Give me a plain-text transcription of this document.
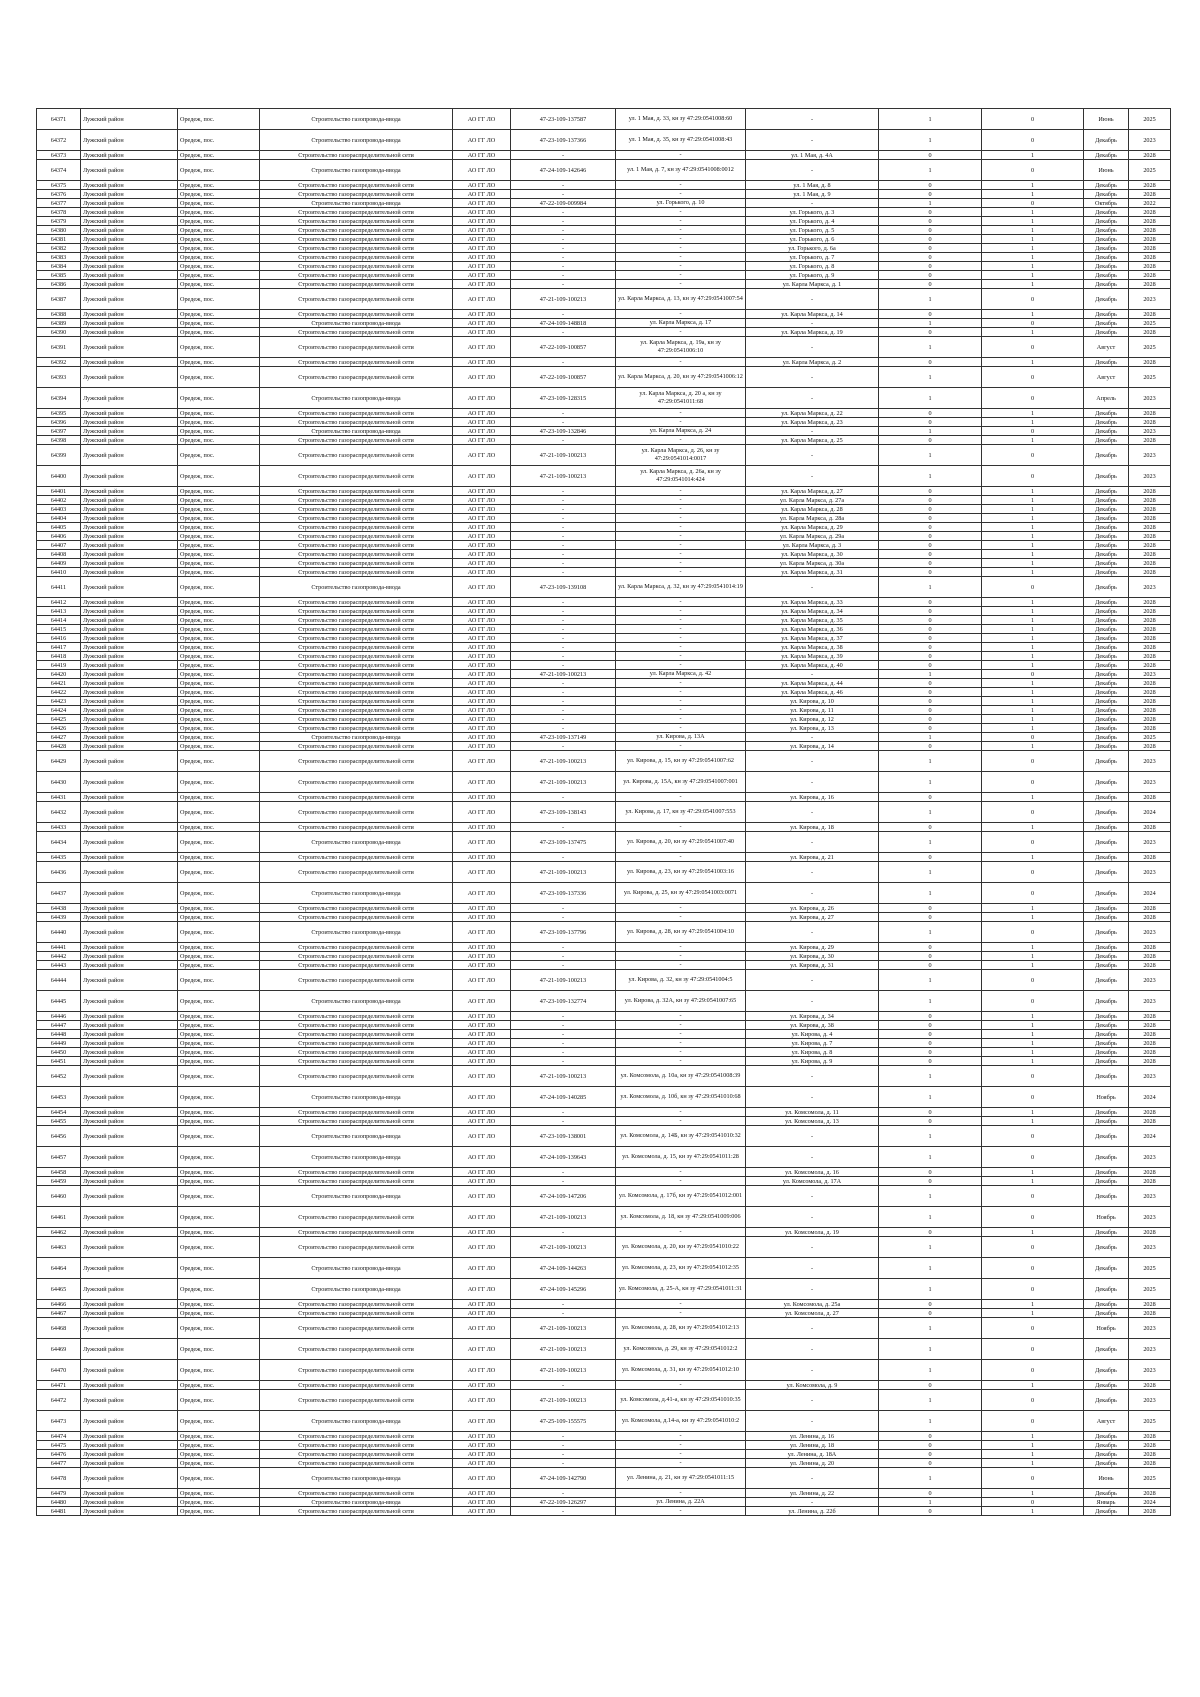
64371	Лужский район	Оредеж, пос.	Строительство газопровода-ввода	АО ГГ ЛО	47-23-109-137587	ул. 1 Мая, д. 33, кн зу 47:29:0541008:60	-	1	0	Июнь	2025
64372	Лужский район	Оредеж, пос.	Строительство газопровода-ввода	АО ГГ ЛО	47-23-109-137366	ул. 1 Мая, д. 35, кн зу 47:29:0541008:43	-	1	0	Декабрь	2023
64373	Лужский район	Оредеж, пос.	Строительство газораспределительной сети	АО ГГ ЛО	-	-	ул. 1 Мая, д. 4А	0	1	Декабрь	2028
64374	Лужский район	Оредеж, пос.	Строительство газопровода-ввода	АО ГГ ЛО	47-24-109-142646	ул. 1 Мая, д. 7, кн зу 47:29:0541008:0012	-	1	0	Июнь	2025
64375	Лужский район	Оредеж, пос.	Строительство газораспределительной сети	АО ГГ ЛО	-	-	ул. 1 Мая, д. 8	0	1	Декабрь	2028
64376	Лужский район	Оредеж, пос.	Строительство газораспределительной сети	АО ГГ ЛО	-	-	ул. 1 Мая, д. 9	0	1	Декабрь	2028
64377	Лужский район	Оредеж, пос.	Строительство газопровода-ввода	АО ГГ ЛО	47-22-109-009984	ул. Горького, д. 10	-	1	0	Октябрь	2022
64378	Лужский район	Оредеж, пос.	Строительство газораспределительной сети	АО ГГ ЛО	-	-	ул. Горького, д. 3	0	1	Декабрь	2028
64379	Лужский район	Оредеж, пос.	Строительство газораспределительной сети	АО ГГ ЛО	-	-	ул. Горького, д. 4	0	1	Декабрь	2028
64380	Лужский район	Оредеж, пос.	Строительство газораспределительной сети	АО ГГ ЛО	-	-	ул. Горького, д. 5	0	1	Декабрь	2028
64381	Лужский район	Оредеж, пос.	Строительство газораспределительной сети	АО ГГ ЛО	-	-	ул. Горького, д. 6	0	1	Декабрь	2028
64382	Лужский район	Оредеж, пос.	Строительство газораспределительной сети	АО ГГ ЛО	-	-	ул. Горького, д. 6а	0	1	Декабрь	2028
64383	Лужский район	Оредеж, пос.	Строительство газораспределительной сети	АО ГГ ЛО	-	-	ул. Горького, д. 7	0	1	Декабрь	2028
64384	Лужский район	Оредеж, пос.	Строительство газораспределительной сети	АО ГГ ЛО	-	-	ул. Горького, д. 8	0	1	Декабрь	2028
64385	Лужский район	Оредеж, пос.	Строительство газораспределительной сети	АО ГГ ЛО	-	-	ул. Горького, д. 9	0	1	Декабрь	2028
64386	Лужский район	Оредеж, пос.	Строительство газораспределительной сети	АО ГГ ЛО	-	-	ул. Карла Маркса, д. 1	0	1	Декабрь	2028
64387	Лужский район	Оредеж, пос.	Строительство газораспределительной сети	АО ГГ ЛО	47-21-109-100213	ул. Карла Маркса, д. 13, кн зу 47:29:0541007:54	-	1	0	Декабрь	2023
64388	Лужский район	Оредеж, пос.	Строительство газораспределительной сети	АО ГГ ЛО	-	-	ул. Карла Маркса, д. 14	0	1	Декабрь	2028
64389	Лужский район	Оредеж, пос.	Строительство газопровода-ввода	АО ГГ ЛО	47-24-109-148818	ул. Карла Маркса, д. 17	-	1	0	Декабрь	2025
64390	Лужский район	Оредеж, пос.	Строительство газораспределительной сети	АО ГГ ЛО	-	-	ул. Карла Маркса, д. 19	0	1	Декабрь	2028
64391	Лужский район	Оредеж, пос.	Строительство газораспределительной сети	АО ГГ ЛО	47-22-109-100857	ул. Карла Маркса, д. 19а, кн зу 47:29:0541006:10	-	1	0	Август	2025
64392	Лужский район	Оредеж, пос.	Строительство газораспределительной сети	АО ГГ ЛО	-	-	ул. Карла Маркса, д. 2	0	1	Декабрь	2028
64393	Лужский район	Оредеж, пос.	Строительство газораспределительной сети	АО ГГ ЛО	47-22-109-100857	ул. Карла Маркса, д. 20, кн зу 47:29:0541006:12	-	1	0	Август	2025
64394	Лужский район	Оредеж, пос.	Строительство газопровода-ввода	АО ГГ ЛО	47-23-109-128315	ул. Карла Маркса, д. 20 а, кн зу 47:29:0541011:68	-	1	0	Апрель	2023
64395	Лужский район	Оредеж, пос.	Строительство газораспределительной сети	АО ГГ ЛО	-	-	ул. Карла Маркса, д. 22	0	1	Декабрь	2028
64396	Лужский район	Оредеж, пос.	Строительство газораспределительной сети	АО ГГ ЛО	-	-	ул. Карла Маркса, д. 23	0	1	Декабрь	2028
64397	Лужский район	Оредеж, пос.	Строительство газопровода-ввода	АО ГГ ЛО	47-23-109-132846	ул. Карла Маркса, д. 24	-	1	0	Декабрь	2023
64398	Лужский район	Оредеж, пос.	Строительство газораспределительной сети	АО ГГ ЛО	-	-	ул. Карла Маркса, д. 25	0	1	Декабрь	2028
64399	Лужский район	Оредеж, пос.	Строительство газораспределительной сети	АО ГГ ЛО	47-21-109-100213	ул. Карла Маркса, д. 26, кн зу 47:29:0541014:0017	-	1	0	Декабрь	2023
64400	Лужский район	Оредеж, пос.	Строительство газораспределительной сети	АО ГГ ЛО	47-21-109-100213	ул. Карла Маркса, д. 26а, кн зу 47:29:0541014:424	-	1	0	Декабрь	2023
64401	Лужский район	Оредеж, пос.	Строительство газораспределительной сети	АО ГГ ЛО	-	-	ул. Карла Маркса, д. 27	0	1	Декабрь	2028
64402	Лужский район	Оредеж, пос.	Строительство газораспределительной сети	АО ГГ ЛО	-	-	ул. Карла Маркса, д. 27а	0	1	Декабрь	2028
64403	Лужский район	Оредеж, пос.	Строительство газораспределительной сети	АО ГГ ЛО	-	-	ул. Карла Маркса, д. 28	0	1	Декабрь	2028
64404	Лужский район	Оредеж, пос.	Строительство газораспределительной сети	АО ГГ ЛО	-	-	ул. Карла Маркса, д. 28а	0	1	Декабрь	2028
64405	Лужский район	Оредеж, пос.	Строительство газораспределительной сети	АО ГГ ЛО	-	-	ул. Карла Маркса, д. 29	0	1	Декабрь	2028
64406	Лужский район	Оредеж, пос.	Строительство газораспределительной сети	АО ГГ ЛО	-	-	ул. Карла Маркса, д. 29а	0	1	Декабрь	2028
64407	Лужский район	Оредеж, пос.	Строительство газораспределительной сети	АО ГГ ЛО	-	-	ул. Карла Маркса, д. 3	0	1	Декабрь	2028
64408	Лужский район	Оредеж, пос.	Строительство газораспределительной сети	АО ГГ ЛО	-	-	ул. Карла Маркса, д. 30	0	1	Декабрь	2028
64409	Лужский район	Оредеж, пос.	Строительство газораспределительной сети	АО ГГ ЛО	-	-	ул. Карла Маркса, д. 30а	0	1	Декабрь	2028
64410	Лужский район	Оредеж, пос.	Строительство газораспределительной сети	АО ГГ ЛО	-	-	ул. Карла Маркса, д. 31	0	1	Декабрь	2028
64411	Лужский район	Оредеж, пос.	Строительство газопровода-ввода	АО ГГ ЛО	47-23-109-139108	ул. Карла Маркса, д. 32, кн зу 47:29:0541014:19	-	1	0	Декабрь	2023
64412	Лужский район	Оредеж, пос.	Строительство газораспределительной сети	АО ГГ ЛО	-	-	ул. Карла Маркса, д. 33	0	1	Декабрь	2028
64413	Лужский район	Оредеж, пос.	Строительство газораспределительной сети	АО ГГ ЛО	-	-	ул. Карла Маркса, д. 34	0	1	Декабрь	2028
64414	Лужский район	Оредеж, пос.	Строительство газораспределительной сети	АО ГГ ЛО	-	-	ул. Карла Маркса, д. 35	0	1	Декабрь	2028
64415	Лужский район	Оредеж, пос.	Строительство газораспределительной сети	АО ГГ ЛО	-	-	ул. Карла Маркса, д. 36	0	1	Декабрь	2028
64416	Лужский район	Оредеж, пос.	Строительство газораспределительной сети	АО ГГ ЛО	-	-	ул. Карла Маркса, д. 37	0	1	Декабрь	2028
64417	Лужский район	Оредеж, пос.	Строительство газораспределительной сети	АО ГГ ЛО	-	-	ул. Карла Маркса, д. 38	0	1	Декабрь	2028
64418	Лужский район	Оредеж, пос.	Строительство газораспределительной сети	АО ГГ ЛО	-	-	ул. Карла Маркса, д. 39	0	1	Декабрь	2028
64419	Лужский район	Оредеж, пос.	Строительство газораспределительной сети	АО ГГ ЛО	-	-	ул. Карла Маркса, д. 40	0	1	Декабрь	2028
64420	Лужский район	Оредеж, пос.	Строительство газораспределительной сети	АО ГГ ЛО	47-21-109-100213	ул. Карла Маркса, д. 42	-	1	0	Декабрь	2023
64421	Лужский район	Оредеж, пос.	Строительство газораспределительной сети	АО ГГ ЛО	-	-	ул. Карла Маркса, д. 44	0	1	Декабрь	2028
64422	Лужский район	Оредеж, пос.	Строительство газораспределительной сети	АО ГГ ЛО	-	-	ул. Карла Маркса, д. 46	0	1	Декабрь	2028
64423	Лужский район	Оредеж, пос.	Строительство газораспределительной сети	АО ГГ ЛО	-	-	ул. Кирова, д. 10	0	1	Декабрь	2028
64424	Лужский район	Оредеж, пос.	Строительство газораспределительной сети	АО ГГ ЛО	-	-	ул. Кирова, д. 11	0	1	Декабрь	2028
64425	Лужский район	Оредеж, пос.	Строительство газораспределительной сети	АО ГГ ЛО	-	-	ул. Кирова, д. 12	0	1	Декабрь	2028
64426	Лужский район	Оредеж, пос.	Строительство газораспределительной сети	АО ГГ ЛО	-	-	ул. Кирова, д. 13	0	1	Декабрь	2028
64427	Лужский район	Оредеж, пос.	Строительство газопровода-ввода	АО ГГ ЛО	47-23-109-137149	ул. Кирова, д. 13А	-	1	0	Декабрь	2025
64428	Лужский район	Оредеж, пос.	Строительство газораспределительной сети	АО ГГ ЛО	-	-	ул. Кирова, д. 14	0	1	Декабрь	2028
64429	Лужский район	Оредеж, пос.	Строительство газораспределительной сети	АО ГГ ЛО	47-21-109-100213	ул. Кирова, д. 15, кн зу 47:29:0541007:62	-	1	0	Декабрь	2023
64430	Лужский район	Оредеж, пос.	Строительство газораспределительной сети	АО ГГ ЛО	47-21-109-100213	ул. Кирова, д. 15А, кн зу 47:29:0541007:001	-	1	0	Декабрь	2023
64431	Лужский район	Оредеж, пос.	Строительство газораспределительной сети	АО ГГ ЛО	-	-	ул. Кирова, д. 16	0	1	Декабрь	2028
64432	Лужский район	Оредеж, пос.	Строительство газораспределительной сети	АО ГГ ЛО	47-23-109-138143	ул. Кирова, д. 17, кн зу 47:29:0541007:553	-	1	0	Декабрь	2024
64433	Лужский район	Оредеж, пос.	Строительство газораспределительной сети	АО ГГ ЛО	-	-	ул. Кирова, д. 18	0	1	Декабрь	2028
64434	Лужский район	Оредеж, пос.	Строительство газопровода-ввода	АО ГГ ЛО	47-23-109-137475	ул. Кирова, д. 20, кн зу 47:29:0541007:40	-	1	0	Декабрь	2023
64435	Лужский район	Оредеж, пос.	Строительство газораспределительной сети	АО ГГ ЛО	-	-	ул. Кирова, д. 21	0	1	Декабрь	2028
64436	Лужский район	Оредеж, пос.	Строительство газораспределительной сети	АО ГГ ЛО	47-21-109-100213	ул. Кирова, д. 23, кн зу 47:29:0541003:16	-	1	0	Декабрь	2023
64437	Лужский район	Оредеж, пос.	Строительство газопровода-ввода	АО ГГ ЛО	47-23-109-137336	ул. Кирова, д. 25, кн зу 47:29:0541003:0071	-	1	0	Декабрь	2024
64438	Лужский район	Оредеж, пос.	Строительство газораспределительной сети	АО ГГ ЛО	-	-	ул. Кирова, д. 26	0	1	Декабрь	2028
64439	Лужский район	Оредеж, пос.	Строительство газораспределительной сети	АО ГГ ЛО	-	-	ул. Кирова, д. 27	0	1	Декабрь	2028
64440	Лужский район	Оредеж, пос.	Строительство газопровода-ввода	АО ГГ ЛО	47-23-109-137796	ул. Кирова, д. 28, кн зу 47:29:0541004:10	-	1	0	Декабрь	2023
64441	Лужский район	Оредеж, пос.	Строительство газораспределительной сети	АО ГГ ЛО	-	-	ул. Кирова, д. 29	0	1	Декабрь	2028
64442	Лужский район	Оредеж, пос.	Строительство газораспределительной сети	АО ГГ ЛО	-	-	ул. Кирова, д. 30	0	1	Декабрь	2028
64443	Лужский район	Оредеж, пос.	Строительство газораспределительной сети	АО ГГ ЛО	-	-	ул. Кирова, д. 31	0	1	Декабрь	2028
64444	Лужский район	Оредеж, пос.	Строительство газораспределительной сети	АО ГГ ЛО	47-21-109-100213	ул. Кирова, д. 32, кн зу 47:29:0541004:5	-	1	0	Декабрь	2023
64445	Лужский район	Оредеж, пос.	Строительство газопровода-ввода	АО ГГ ЛО	47-23-109-132774	ул. Кирова, д. 32А, кн зу 47:29:0541007:65	-	1	0	Декабрь	2023
64446	Лужский район	Оредеж, пос.	Строительство газораспределительной сети	АО ГГ ЛО	-	-	ул. Кирова, д. 34	0	1	Декабрь	2028
64447	Лужский район	Оредеж, пос.	Строительство газораспределительной сети	АО ГГ ЛО	-	-	ул. Кирова, д. 38	0	1	Декабрь	2028
64448	Лужский район	Оредеж, пос.	Строительство газораспределительной сети	АО ГГ ЛО	-	-	ул. Кирова, д. 4	0	1	Декабрь	2028
64449	Лужский район	Оредеж, пос.	Строительство газораспределительной сети	АО ГГ ЛО	-	-	ул. Кирова, д. 7	0	1	Декабрь	2028
64450	Лужский район	Оредеж, пос.	Строительство газораспределительной сети	АО ГГ ЛО	-	-	ул. Кирова, д. 8	0	1	Декабрь	2028
64451	Лужский район	Оредеж, пос.	Строительство газораспределительной сети	АО ГГ ЛО	-	-	ул. Кирова, д. 9	0	1	Декабрь	2028
64452	Лужский район	Оредеж, пос.	Строительство газораспределительной сети	АО ГГ ЛО	47-21-109-100213	ул. Комсомола, д. 10а, кн зу 47:29:0541008:39	-	1	0	Декабрь	2023
64453	Лужский район	Оредеж, пос.	Строительство газопровода-ввода	АО ГГ ЛО	47-24-109-140285	ул. Комсомола, д. 10б, кн зу 47:29:0541010:68	-	1	0	Ноябрь	2024
64454	Лужский район	Оредеж, пос.	Строительство газораспределительной сети	АО ГГ ЛО	-	-	ул. Комсомола, д. 11	0	1	Декабрь	2028
64455	Лужский район	Оредеж, пос.	Строительство газораспределительной сети	АО ГГ ЛО	-	-	ул. Комсомола, д. 13	0	1	Декабрь	2028
64456	Лужский район	Оредеж, пос.	Строительство газопровода-ввода	АО ГГ ЛО	47-23-109-138001	ул. Комсомола, д. 14Б, кн зу 47:29:0541010:32	-	1	0	Декабрь	2024
64457	Лужский район	Оредеж, пос.	Строительство газопровода-ввода	АО ГГ ЛО	47-24-109-139643	ул. Комсомола, д. 15, кн зу 47:29:0541011:28	-	1	0	Декабрь	2023
64458	Лужский район	Оредеж, пос.	Строительство газораспределительной сети	АО ГГ ЛО	-	-	ул. Комсомола, д. 16	0	1	Декабрь	2028
64459	Лужский район	Оредеж, пос.	Строительство газораспределительной сети	АО ГГ ЛО	-	-	ул. Комсомола, д. 17А	0	1	Декабрь	2028
64460	Лужский район	Оредеж, пос.	Строительство газопровода-ввода	АО ГГ ЛО	47-24-109-147206	ул. Комсомола, д. 17б, кн зу 47:29:0541012:001	-	1	0	Декабрь	2023
64461	Лужский район	Оредеж, пос.	Строительство газораспределительной сети	АО ГГ ЛО	47-21-109-100213	ул. Комсомола, д. 18, кн зу 47:29:0541009:006	-	1	0	Ноябрь	2023
64462	Лужский район	Оредеж, пос.	Строительство газораспределительной сети	АО ГГ ЛО	-	-	ул. Комсомола, д. 19	0	1	Декабрь	2028
64463	Лужский район	Оредеж, пос.	Строительство газораспределительной сети	АО ГГ ЛО	47-21-109-100213	ул. Комсомола, д. 20, кн зу 47:29:0541010:22	-	1	0	Декабрь	2023
64464	Лужский район	Оредеж, пос.	Строительство газопровода-ввода	АО ГГ ЛО	47-24-109-144263	ул. Комсомола, д. 23, кн зу 47:29:0541012:35	-	1	0	Декабрь	2025
64465	Лужский район	Оредеж, пос.	Строительство газопровода-ввода	АО ГГ ЛО	47-24-109-145296	ул. Комсомола, д. 25-А, кн зу 47:29:0541011:31	-	1	0	Декабрь	2025
64466	Лужский район	Оредеж, пос.	Строительство газораспределительной сети	АО ГГ ЛО	-	-	ул. Комсомола, д. 25а	0	1	Декабрь	2028
64467	Лужский район	Оредеж, пос.	Строительство газораспределительной сети	АО ГГ ЛО	-	-	ул. Комсомола, д. 27	0	1	Декабрь	2028
64468	Лужский район	Оредеж, пос.	Строительство газораспределительной сети	АО ГГ ЛО	47-21-109-100213	ул. Комсомола, д. 28, кн зу 47:29:0541012:13	-	1	0	Ноябрь	2023
64469	Лужский район	Оредеж, пос.	Строительство газораспределительной сети	АО ГГ ЛО	47-21-109-100213	ул. Комсомола, д. 29, кн зу 47:29:0541012:2	-	1	0	Декабрь	2023
64470	Лужский район	Оредеж, пос.	Строительство газораспределительной сети	АО ГГ ЛО	47-21-109-100213	ул. Комсомола, д. 31, кн зу 47:29:0541012:10	-	1	0	Декабрь	2023
64471	Лужский район	Оредеж, пос.	Строительство газораспределительной сети	АО ГГ ЛО	-	-	ул. Комсомола, д. 9	0	1	Декабрь	2028
64472	Лужский район	Оредеж, пос.	Строительство газораспределительной сети	АО ГГ ЛО	47-21-109-100213	ул. Комсомола, д.41-а, кн зу 47:29:0541010:35	-	1	0	Декабрь	2023
64473	Лужский район	Оредеж, пос.	Строительство газопровода-ввода	АО ГГ ЛО	47-25-109-155575	ул. Комсомола, д.14-а, кн зу 47:29:0541010:2	-	1	0	Август	2025
64474	Лужский район	Оредеж, пос.	Строительство газораспределительной сети	АО ГГ ЛО	-	-	ул. Ленина, д. 16	0	1	Декабрь	2028
64475	Лужский район	Оредеж, пос.	Строительство газораспределительной сети	АО ГГ ЛО	-	-	ул. Ленина, д. 18	0	1	Декабрь	2028
64476	Лужский район	Оредеж, пос.	Строительство газораспределительной сети	АО ГГ ЛО	-	-	ул. Ленина, д. 18А	0	1	Декабрь	2028
64477	Лужский район	Оредеж, пос.	Строительство газораспределительной сети	АО ГГ ЛО	-	-	ул. Ленина, д. 20	0	1	Декабрь	2028
64478	Лужский район	Оредеж, пос.	Строительство газопровода-ввода	АО ГГ ЛО	47-24-109-142790	ул. Ленина, д. 21, кн зу 47:29:0541011:15	-	1	0	Июнь	2025
64479	Лужский район	Оредеж, пос.	Строительство газораспределительной сети	АО ГГ ЛО	-	-	ул. Ленина, д. 22	0	1	Декабрь	2028
64480	Лужский район	Оредеж, пос.	Строительство газопровода-ввода	АО ГГ ЛО	47-22-109-126297	ул. Ленина, д. 22А	-	1	0	Январь	2024
64481	Лужский район	Оредеж, пос.	Строительство газораспределительной сети	АО ГГ ЛО	-	-	ул. Ленина, д. 22б	0	1	Декабрь	2028
